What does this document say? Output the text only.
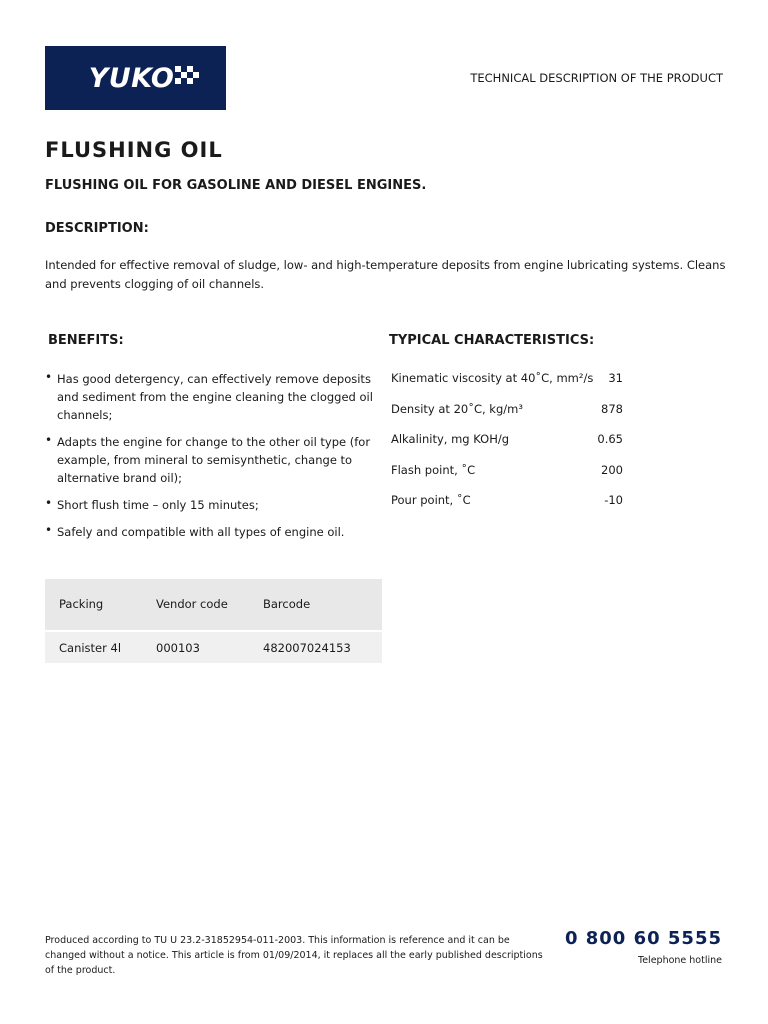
YUKO	TECHNICAL DESCRIPTION OF THE PRODUCT
FLUSHING OIL
FLUSHING OIL FOR GASOLINE AND DIESEL ENGINES.
DESCRIPTION:

Intended for effective removal of sludge, low- and high-temperature deposits from engine lubricating systems. Cleans and prevents clogging of oil channels.

BENEFITS:	TYPICAL CHARACTERISTICS:
• Has good detergency, can effectively remove deposits and sediment from the engine cleaning the clogged oil channels;
• Adapts the engine for change to the other oil type (for example, from mineral to semisynthetic, change to alternative brand oil);
• Short flush time – only 15 minutes;
• Safely and compatible with all types of engine oil.
Kinematic viscosity at 40˚C, mm²/s 31
Density at 20˚C, kg/m³	878
Alkalinity, mg KOH/g	0.65
Flash point, ˚C	200
Pour point, ˚C	-10
Packing	Vendor code	Barcode
Canister 4l	000103	482007024153

Produced according to TU U 23.2-31852954-011-2003. This information is reference and it can be changed without a notice. This article is from 01/09/2014, it replaces all the early published descriptions of the product.

0 800 60 5555
Telephone hotline
